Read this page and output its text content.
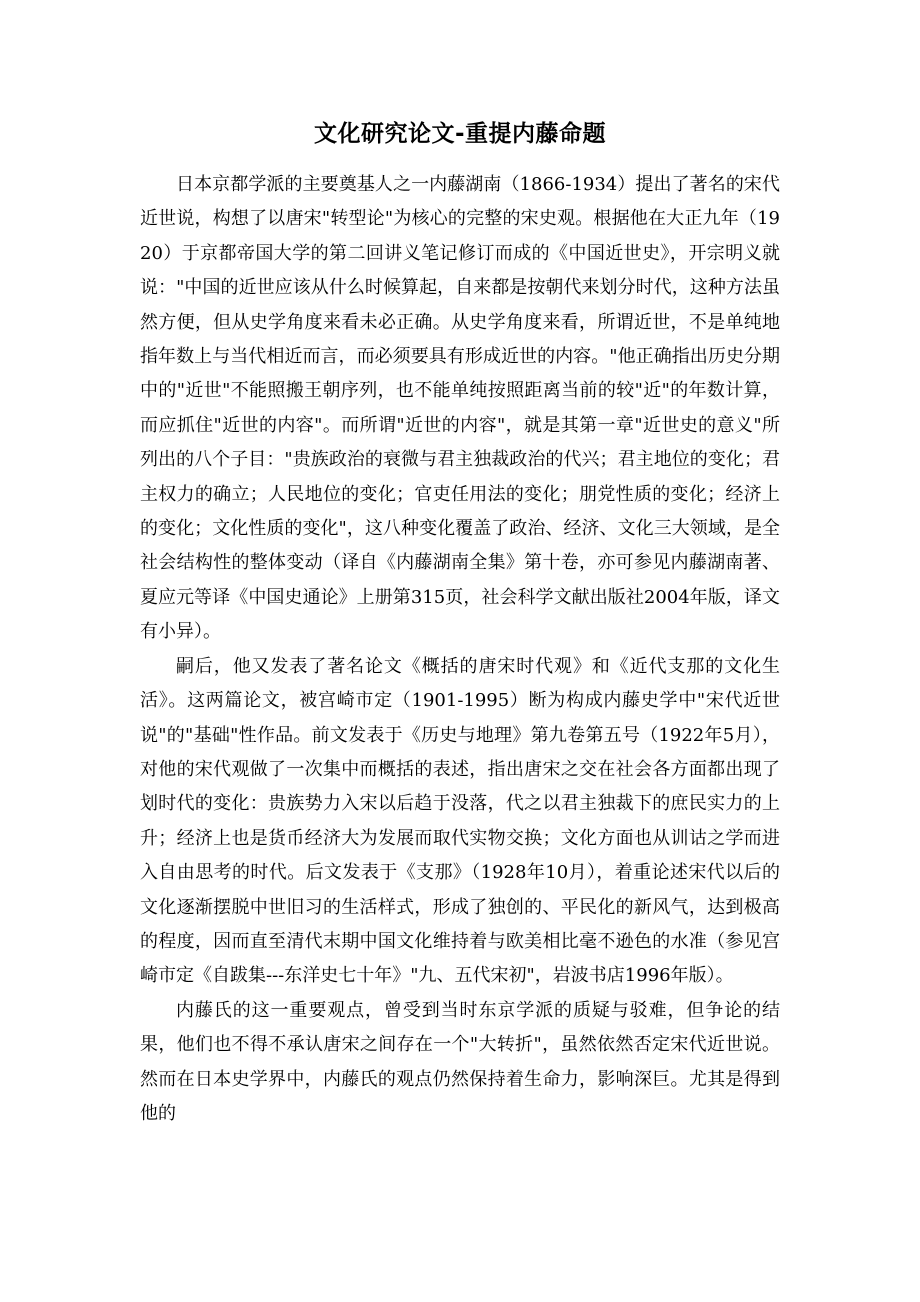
文化研究论文-重提内藤命题

日本京都学派的主要奠基人之一内藤湖南（1866-1934）提出了著名的宋代近世说，构想了以唐宋"转型论"为核心的完整的宋史观。根据他在大正九年（1920）于京都帝国大学的第二回讲义笔记修订而成的《中国近世史》，开宗明义就说："中国的近世应该从什么时候算起，自来都是按朝代来划分时代，这种方法虽然方便，但从史学角度来看未必正确。从史学角度来看，所谓近世，不是单纯地指年数上与当代相近而言，而必须要具有形成近世的内容。"他正确指出历史分期中的"近世"不能照搬王朝序列，也不能单纯按照距离当前的较"近"的年数计算，而应抓住"近世的内容"。而所谓"近世的内容"，就是其第一章"近世史的意义"所列出的八个子目："贵族政治的衰微与君主独裁政治的代兴；君主地位的变化；君主权力的确立；人民地位的变化；官吏任用法的变化；朋党性质的变化；经济上的变化；文化性质的变化"，这八种变化覆盖了政治、经济、文化三大领域，是全社会结构性的整体变动（译自《内藤湖南全集》第十卷，亦可参见内藤湖南著、夏应元等译《中国史通论》上册第315页，社会科学文献出版社2004年版，译文有小异）。

嗣后，他又发表了著名论文《概括的唐宋时代观》和《近代支那的文化生活》。这两篇论文，被宫崎市定（1901-1995）断为构成内藤史学中"宋代近世说"的"基础"性作品。前文发表于《历史与地理》第九卷第五号（1922年5月），对他的宋代观做了一次集中而概括的表述，指出唐宋之交在社会各方面都出现了划时代的变化：贵族势力入宋以后趋于没落，代之以君主独裁下的庶民实力的上升；经济上也是货币经济大为发展而取代实物交换；文化方面也从训诂之学而进入自由思考的时代。后文发表于《支那》（1928年10月），着重论述宋代以后的文化逐渐摆脱中世旧习的生活样式，形成了独创的、平民化的新风气，达到极高的程度，因而直至清代末期中国文化维持着与欧美相比毫不逊色的水准（参见宫崎市定《自跋集---东洋史七十年》"九、五代宋初"，岩波书店1996年版）。

内藤氏的这一重要观点，曾受到当时东京学派的质疑与驳难，但争论的结果，他们也不得不承认唐宋之间存在一个"大转折"，虽然依然否定宋代近世说。然而在日本史学界中，内藤氏的观点仍然保持着生命力，影响深巨。尤其是得到他的
